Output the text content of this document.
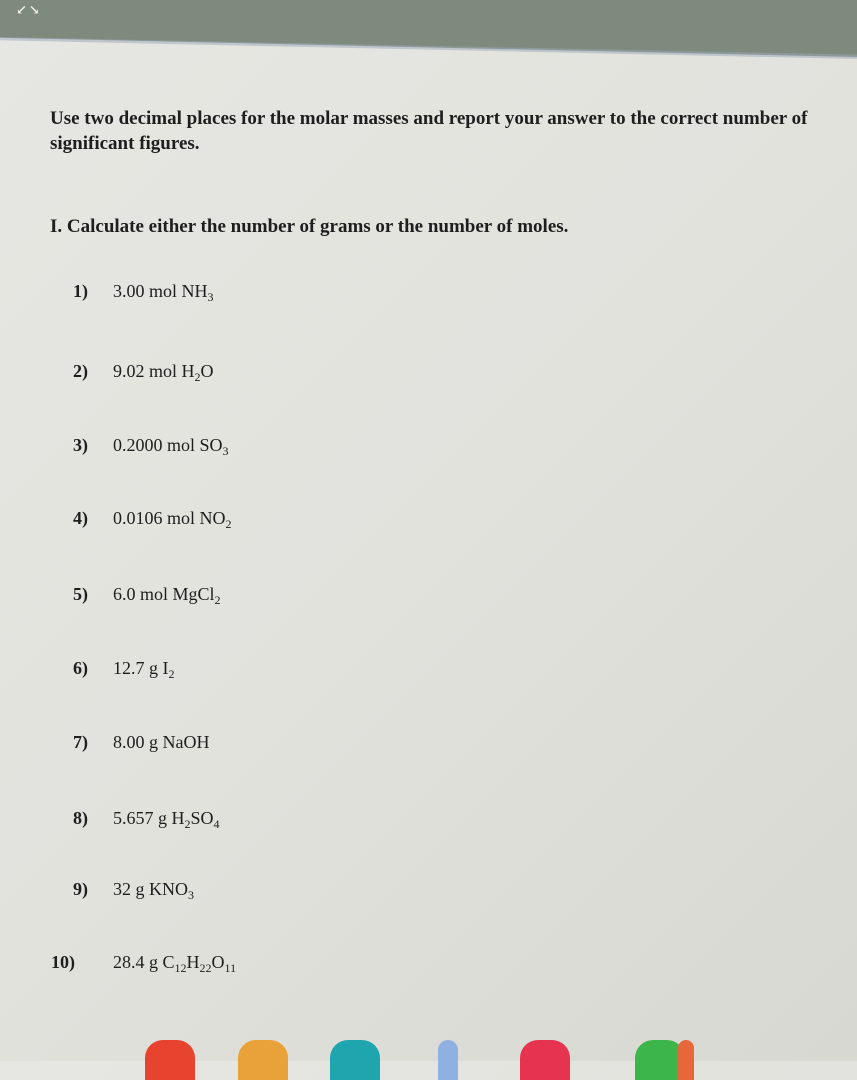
↙↘
Use two decimal places for the molar masses and report your answer to the correct number of significant figures.
I. Calculate either the number of grams or the number of moles.
1) 3.00 mol $NH_3$
2) 9.02 mol $H_2O$
3) 0.2000 mol $SO_3$
4) 0.0106 mol $NO_2$
5) 6.0 mol MgCl$_2$
6) 12.7 g $I_2$
7) 8.00 g NaOH
8) 5.657 g $H_2SO_4$
9) 32 g $KNO_3$
10) 28.4 g $C_{12}H_{22}O_{11}$
